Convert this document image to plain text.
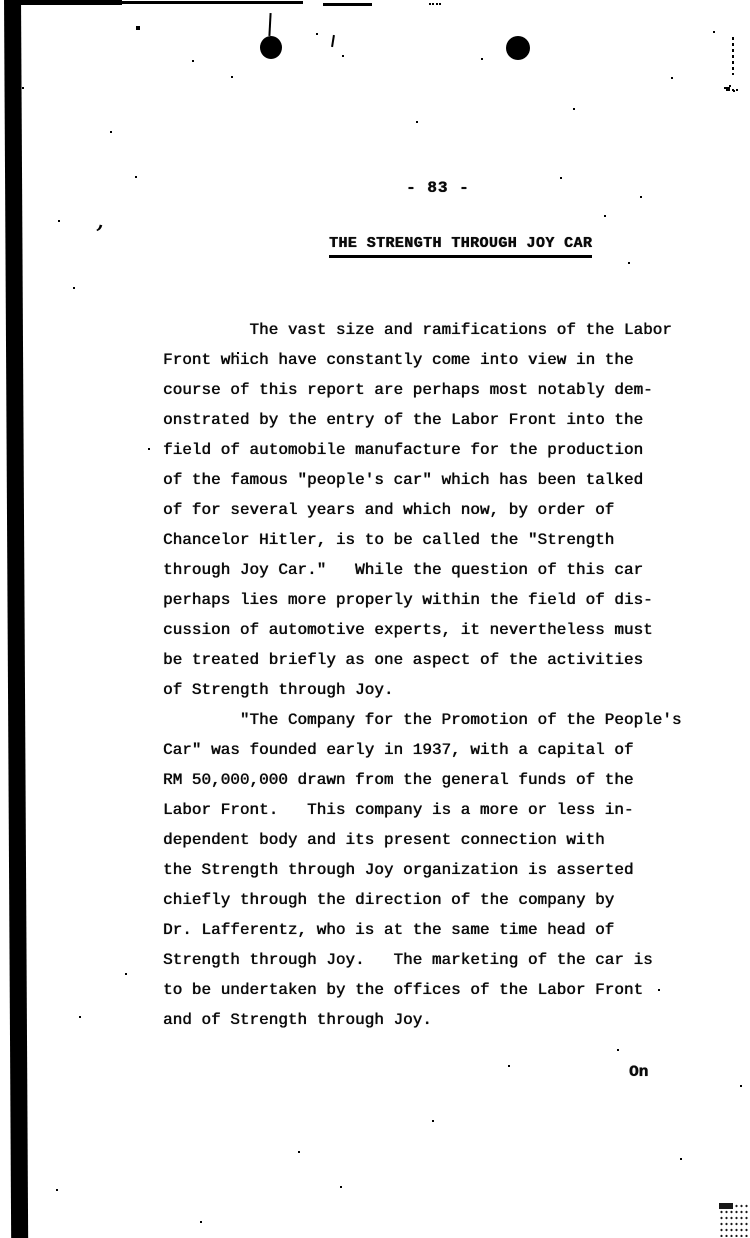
ʼ
- 83 -
THE STRENGTH THROUGH JOY CAR
The vast size and ramifications of the Labor
Front which have constantly come into view in the
course of this report are perhaps most notably dem-
onstrated by the entry of the Labor Front into the
field of automobile manufacture for the production
of the famous "people's car" which has been talked
of for several years and which now, by order of
Chancelor Hitler, is to be called the "Strength
through Joy Car."   While the question of this car
perhaps lies more properly within the field of dis-
cussion of automotive experts, it nevertheless must
be treated briefly as one aspect of the activities
of Strength through Joy.
"The Company for the Promotion of the People's
Car" was founded early in 1937, with a capital of
RM 50,000,000 drawn from the general funds of the
Labor Front.   This company is a more or less in-
dependent body and its present connection with
the Strength through Joy organization is asserted
chiefly through the direction of the company by
Dr. Lafferentz, who is at the same time head of
Strength through Joy.   The marketing of the car is
to be undertaken by the offices of the Labor Front
and of Strength through Joy.
On
